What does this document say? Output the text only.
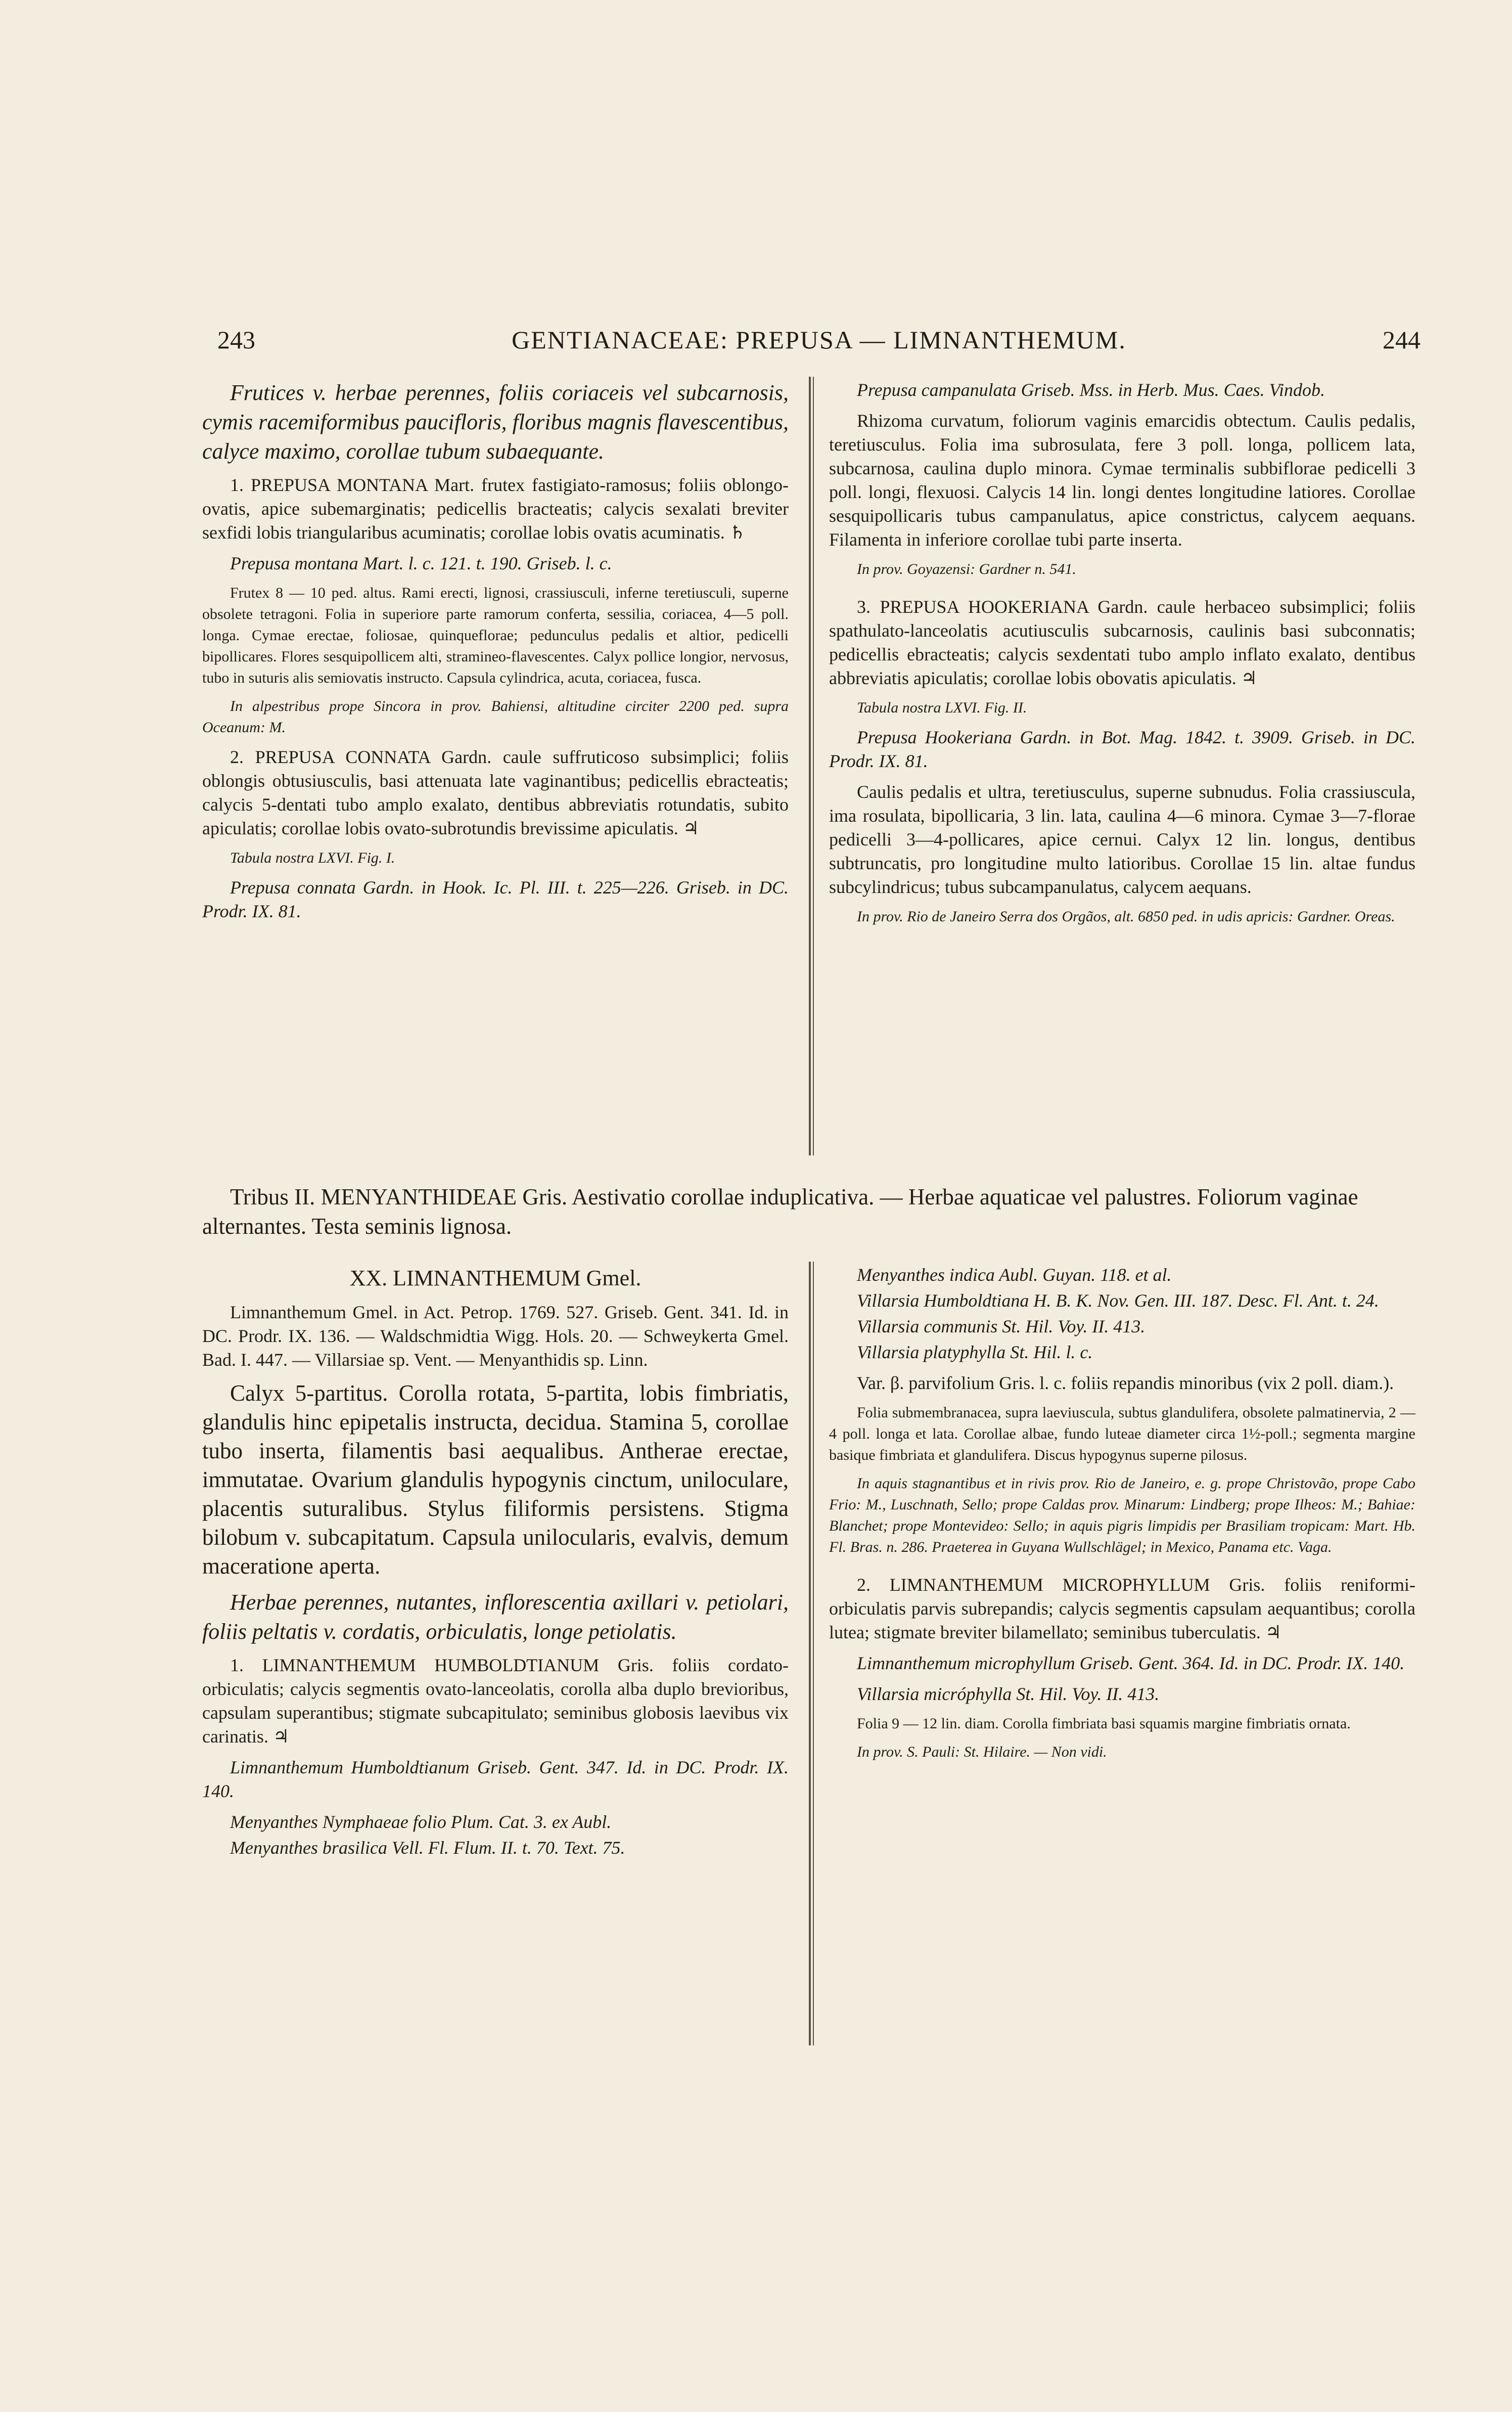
243	GENTIANACEAE: PREPUSA — LIMNANTHEMUM.	244

Frutices v. herbae perennes, foliis coriaceis vel subcarnosis, cymis racemiformibus paucifloris, floribus magnis flavescentibus, calyce maximo, corollae tubum subaequante.

1. PREPUSA MONTANA Mart. frutex fastigiato-ramosus; foliis oblongo-ovatis, apice subemarginatis; pedicellis bracteatis; calycis sexalati breviter sexfidi lobis triangularibus acuminatis; corollae lobis ovatis acuminatis. ♄

Prepusa montana Mart. l. c. 121. t. 190. Griseb. l. c.

Frutex 8 — 10 ped. altus. Rami erecti, lignosi, crassiusculi, inferne teretiusculi, superne obsolete tetragoni. Folia in superiore parte ramorum conferta, sessilia, coriacea, 4—5 poll. longa. Cymae erectae, foliosae, quinqueflorae; pedunculus pedalis et altior, pedicelli bipollicares. Flores sesquipollicem alti, stramineo-flavescentes. Calyx pollice longior, nervosus, tubo in suturis alis semiovatis instructo. Capsula cylindrica, acuta, coriacea, fusca.

In alpestribus prope Sincora in prov. Bahiensi, altitudine circiter 2200 ped. supra Oceanum: M.

2. PREPUSA CONNATA Gardn. caule suffruticoso subsimplici; foliis oblongis obtusiusculis, basi attenuata late vaginantibus; pedicellis ebracteatis; calycis 5-dentati tubo amplo exalato, dentibus abbreviatis rotundatis, subito apiculatis; corollae lobis ovato-subrotundis brevissime apiculatis. ♃

Tabula nostra LXVI. Fig. I.

Prepusa connata Gardn. in Hook. Ic. Pl. III. t. 225—226. Griseb. in DC. Prodr. IX. 81.

Prepusa campanulata Griseb. Mss. in Herb. Mus. Caes. Vindob.

Rhizoma curvatum, foliorum vaginis emarcidis obtectum. Caulis pedalis, teretiusculus. Folia ima subrosulata, fere 3 poll. longa, pollicem lata, subcarnosa, caulina duplo minora. Cymae terminalis subbiflorae pedicelli 3 poll. longi, flexuosi. Calycis 14 lin. longi dentes longitudine latiores. Corollae sesquipollicaris tubus campanulatus, apice constrictus, calycem aequans. Filamenta in inferiore corollae tubi parte inserta.

In prov. Goyazensi: Gardner n. 541.

3. PREPUSA HOOKERIANA Gardn. caule herbaceo subsimplici; foliis spathulato-lanceolatis acutiusculis subcarnosis, caulinis basi subconnatis; pedicellis ebracteatis; calycis sexdentati tubo amplo inflato exalato, dentibus abbreviatis apiculatis; corollae lobis obovatis apiculatis. ♃

Tabula nostra LXVI. Fig. II.

Prepusa Hookeriana Gardn. in Bot. Mag. 1842. t. 3909. Griseb. in DC. Prodr. IX. 81.

Caulis pedalis et ultra, teretiusculus, superne subnudus. Folia crassiuscula, ima rosulata, bipollicaria, 3 lin. lata, caulina 4—6 minora. Cymae 3—7-florae pedicelli 3—4-pollicares, apice cernui. Calyx 12 lin. longus, dentibus subtruncatis, pro longitudine multo latioribus. Corollae 15 lin. altae fundus subcylindricus; tubus subcampanulatus, calycem aequans.

In prov. Rio de Janeiro Serra dos Orgãos, alt. 6850 ped. in udis apricis: Gardner. Oreas.

Tribus II. MENYANTHIDEAE Gris. Aestivatio corollae induplicativa. — Herbae aquaticae vel palustres. Foliorum vaginae alternantes. Testa seminis lignosa.

XX. LIMNANTHEMUM Gmel.

Limnanthemum Gmel. in Act. Petrop. 1769. 527. Griseb. Gent. 341. Id. in DC. Prodr. IX. 136. — Waldschmidtia Wigg. Hols. 20. — Schweykerta Gmel. Bad. I. 447. — Villarsiae sp. Vent. — Menyanthidis sp. Linn.

Calyx 5-partitus. Corolla rotata, 5-partita, lobis fimbriatis, glandulis hinc epipetalis instructa, decidua. Stamina 5, corollae tubo inserta, filamentis basi aequalibus. Antherae erectae, immutatae. Ovarium glandulis hypogynis cinctum, uniloculare, placentis suturalibus. Stylus filiformis persistens. Stigma bilobum v. subcapitatum. Capsula unilocularis, evalvis, demum maceratione aperta.

Herbae perennes, nutantes, inflorescentia axillari v. petiolari, foliis peltatis v. cordatis, orbiculatis, longe petiolatis.

1. LIMNANTHEMUM HUMBOLDTIANUM Gris. foliis cordato-orbiculatis; calycis segmentis ovato-lanceolatis, corolla alba duplo brevioribus, capsulam superantibus; stigmate subcapitulato; seminibus globosis laevibus vix carinatis. ♃

Limnanthemum Humboldtianum Griseb. Gent. 347. Id. in DC. Prodr. IX. 140.

Menyanthes Nymphaeae folio Plum. Cat. 3. ex Aubl.

Menyanthes brasilica Vell. Fl. Flum. II. t. 70. Text. 75.

Menyanthes indica Aubl. Guyan. 118. et al.

Villarsia Humboldtiana H. B. K. Nov. Gen. III. 187. Desc. Fl. Ant. t. 24.

Villarsia communis St. Hil. Voy. II. 413.

Villarsia platyphylla St. Hil. l. c.

Var. β. parvifolium Gris. l. c. foliis repandis minoribus (vix 2 poll. diam.).

Folia submembranacea, supra laeviuscula, subtus glandulifera, obsolete palmatinervia, 2 — 4 poll. longa et lata. Corollae albae, fundo luteae diameter circa 1½-poll.; segmenta margine basique fimbriata et glandulifera. Discus hypogynus superne pilosus.

In aquis stagnantibus et in rivis prov. Rio de Janeiro, e. g. prope Christovão, prope Cabo Frio: M., Luschnath, Sello; prope Caldas prov. Minarum: Lindberg; prope Ilheos: M.; Bahiae: Blanchet; prope Montevideo: Sello; in aquis pigris limpidis per Brasiliam tropicam: Mart. Hb. Fl. Bras. n. 286. Praeterea in Guyana Wullschlägel; in Mexico, Panama etc. Vaga.

2. LIMNANTHEMUM MICROPHYLLUM Gris. foliis reniformi-orbiculatis parvis subrepandis; calycis segmentis capsulam aequantibus; corolla lutea; stigmate breviter bilamellato; seminibus tuberculatis. ♃

Limnanthemum microphyllum Griseb. Gent. 364. Id. in DC. Prodr. IX. 140.

Villarsia micróphylla St. Hil. Voy. II. 413.

Folia 9 — 12 lin. diam. Corolla fimbriata basi squamis margine fimbriatis ornata.

In prov. S. Pauli: St. Hilaire. — Non vidi.
